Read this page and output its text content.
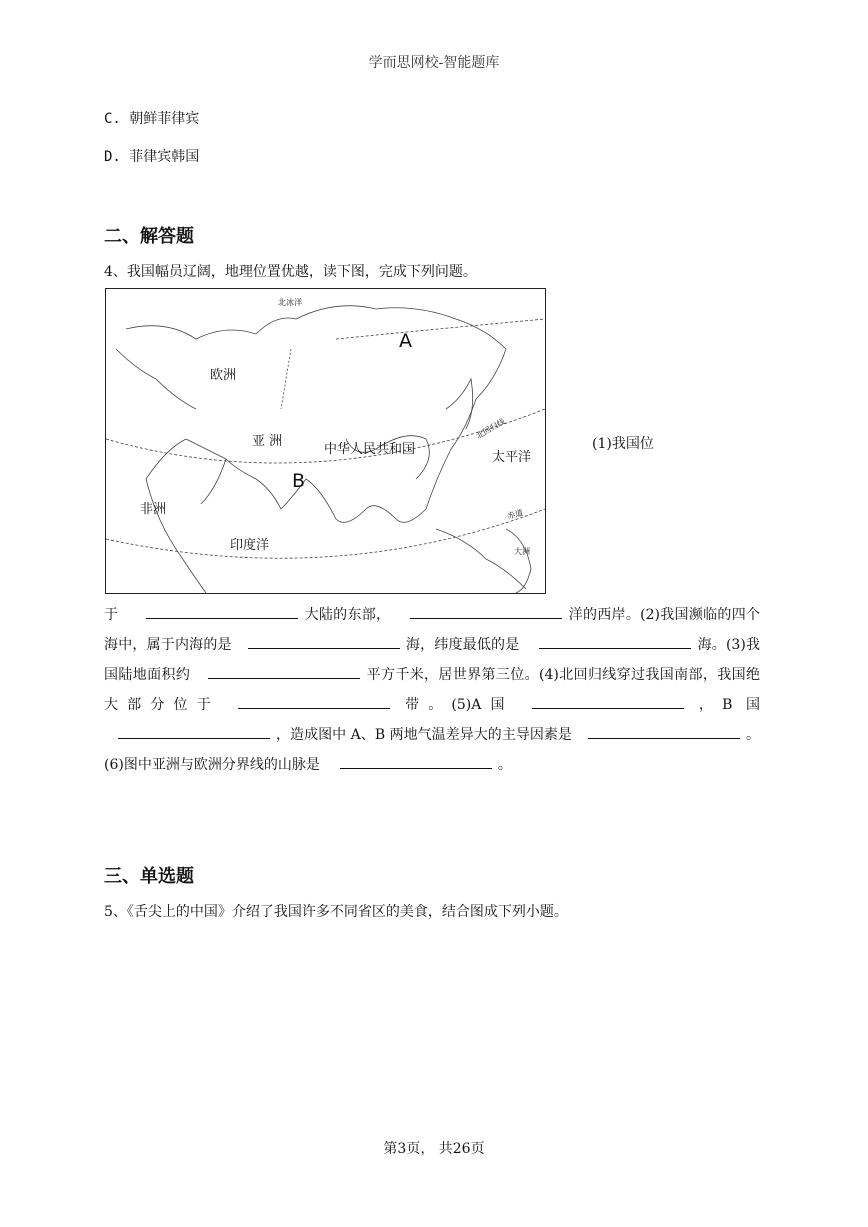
学而思网校-智能题库
C. 朝鲜菲律宾
D. 菲律宾韩国
二、解答题
4、我国幅员辽阔，地理位置优越，读下图，完成下列问题。
北冰洋
欧洲
亚 洲
中华人民共和国
太平洋
非洲
印度洋
北回归线
赤道
大洲
A
B
(1)我国位
于	大陆的东部，	洋的西岸。(2)我国濒临的四个海中，属于内海的是	海，纬度最低的是	海。(3)我国陆地面积约	平方千米，居世界第三位。(4)北回归线穿过我国南部，我国绝大部分位于	带。(5)A国	，B 国，造成图中 A、B 两地气温差异大的主导因素是	。(6)图中亚洲与欧洲分界线的山脉是	。
三、单选题
5、《舌尖上的中国》介绍了我国许多不同省区的美食，结合图成下列小题。
第3页， 共26页
